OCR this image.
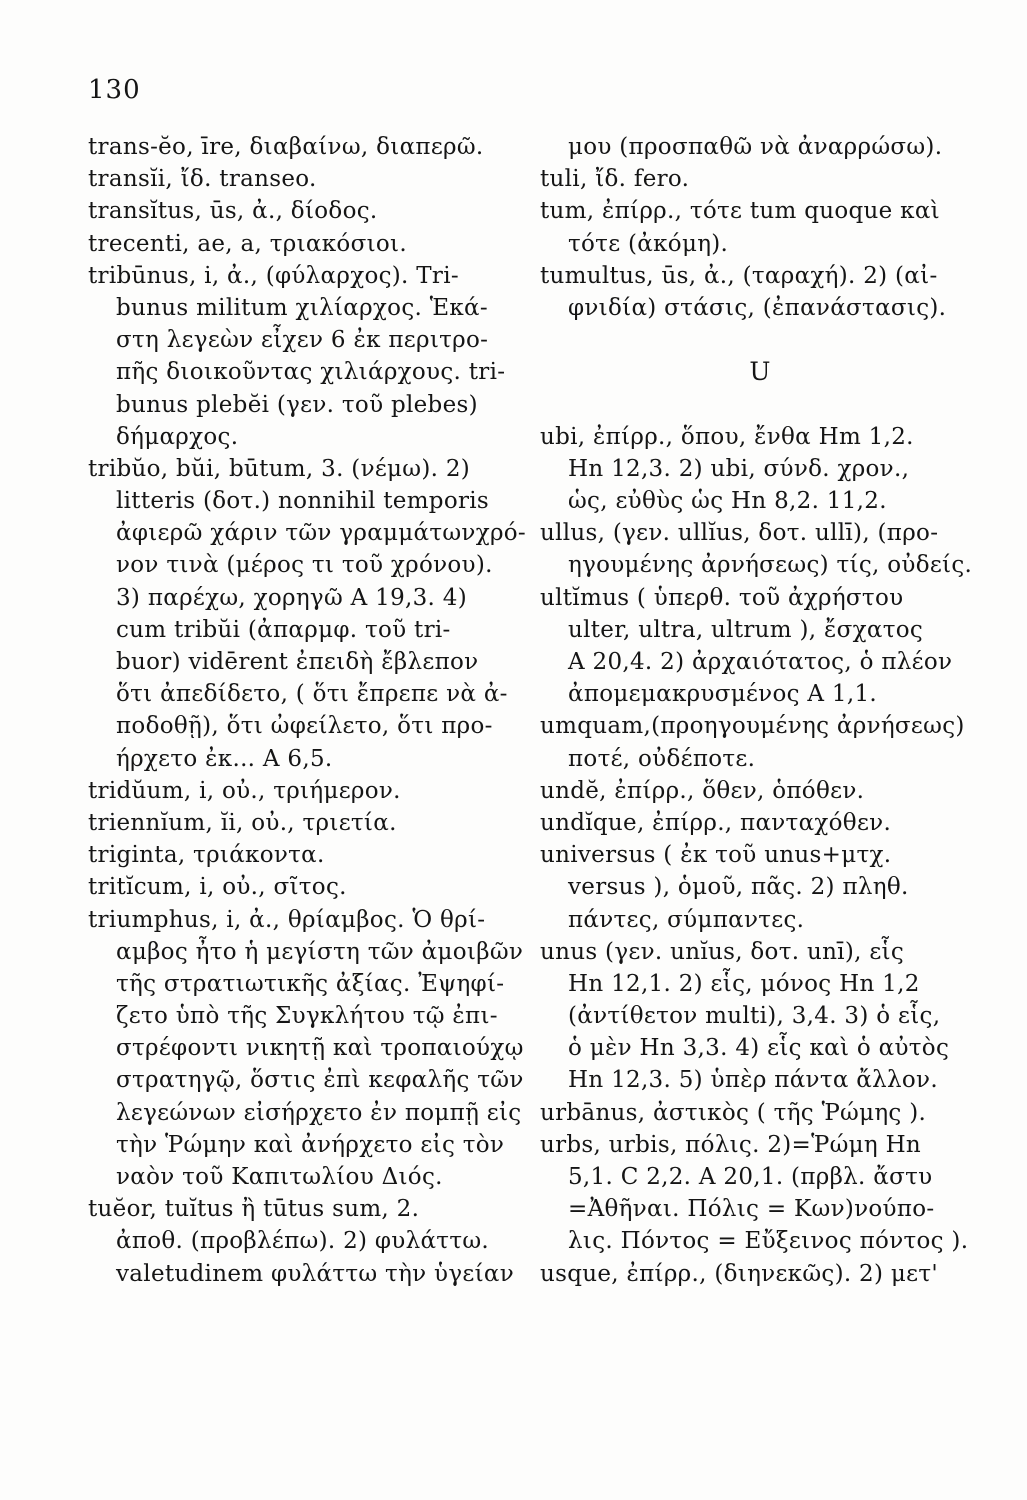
130
trans-ĕo, īre, διαβαίνω, διαπερῶ.
transĭi, ἴδ. transeo.
transĭtus, ūs, ἀ., δίοδος.
trecenti, ae, a, τριακόσιοι.
tribūnus, i, ἀ., (φύλαρχος). Tri-
bunus militum χιλίαρχος. Ἑκά-
στη λεγεὼν εἶχεν 6 ἐκ περιτρο-
πῆς διοικοῦντας χιλιάρχους. tri-
bunus plebĕi (γεν. τοῦ plebes)
δήμαρχος.
tribŭo, bŭi, būtum, 3. (νέμω). 2)
litteris (δοτ.) nonnihil temporis
ἀφιερῶ χάριν τῶν γραμμάτωνχρό-
νον τινὰ (μέρος τι τοῦ χρόνου).
3) παρέχω, χορηγῶ A 19,3. 4)
cum tribŭi (ἀπαρμφ. τοῦ tri-
buor) vidērent ἐπειδὴ ἔβλεπον
ὅτι ἀπεδίδετο, ( ὅτι ἔπρεπε νὰ ἀ-
ποδοθῇ), ὅτι ὠφείλετο, ὅτι προ-
ήρχετο ἐκ... A 6,5.
tridŭum, i, οὐ., τριήμερον.
triennĭum, ĭi, οὐ., τριετία.
triginta, τριάκοντα.
tritĭcum, i, οὐ., σῖτος.
triumphus, i, ἀ., θρίαμβος. Ὁ θρί-
αμβος ἦτο ἡ μεγίστη τῶν ἀμοιβῶν
τῆς στρατιωτικῆς ἀξίας. Ἐψηφί-
ζετο ὑπὸ τῆς Συγκλήτου τῷ ἐπι-
στρέφοντι νικητῇ καὶ τροπαιούχῳ
στρατηγῷ, ὅστις ἐπὶ κεφαλῆς τῶν
λεγεώνων εἰσήρχετο ἐν πομπῇ εἰς
τὴν Ῥώμην καὶ ἀνήρχετο εἰς τὸν
ναὸν τοῦ Καπιτωλίου Διός.
tuĕor, tuĭtus ἢ tūtus sum, 2.
ἀποθ. (προβλέπω). 2) φυλάττω.
valetudinem φυλάττω τὴν ὑγείαν
μου (προσπαθῶ νὰ ἀναρρώσω).
tuli, ἴδ. fero.
tum, ἐπίρρ., τότε tum quoque καὶ
τότε (ἀκόμη).
tumultus, ūs, ἀ., (ταραχή). 2) (αἰ-
φνιδία) στάσις, (ἐπανάστασις).
U
ubi, ἐπίρρ., ὅπου, ἔνθα Hm 1,2.
Hn 12,3. 2) ubi, σύνδ. χρον.,
ὡς, εὐθὺς ὡς Hn 8,2. 11,2.
ullus, (γεν. ullĭus, δοτ. ullī), (προ-
ηγουμένης ἀρνήσεως) τίς, οὐδείς.
ultĭmus ( ὑπερθ. τοῦ ἀχρήστου
ulter, ultra, ultrum ), ἔσχατος
A 20,4. 2) ἀρχαιότατος, ὁ πλέον
ἀπομεμακρυσμένος A 1,1.
umquam,(προηγουμένης ἀρνήσεως)
ποτέ, οὐδέποτε.
undĕ, ἐπίρρ., ὅθεν, ὁπόθεν.
undĭque, ἐπίρρ., πανταχόθεν.
universus ( ἐκ τοῦ unus+μτχ.
versus ), ὁμοῦ, πᾶς. 2) πληθ.
πάντες, σύμπαντες.
unus (γεν. unĭus, δοτ. unī), εἷς
Hn 12,1. 2) εἷς, μόνος Hn 1,2
(ἀντίθετον multi), 3,4. 3) ὁ εἷς,
ὁ μὲν Hn 3,3. 4) εἷς καὶ ὁ αὐτὸς
Hn 12,3. 5) ὑπὲρ πάντα ἄλλον.
urbānus, ἀστικὸς ( τῆς Ῥώμης ).
urbs, urbis, πόλις. 2)=Ῥώμη Hn
5,1. C 2,2. A 20,1. (πρβλ. ἄστυ
=Ἀθῆναι. Πόλις = Κων)νούπο-
λις. Πόντος = Εὔξεινος πόντος ).
usque, ἐπίρρ., (διηνεκῶς). 2) μετ'
